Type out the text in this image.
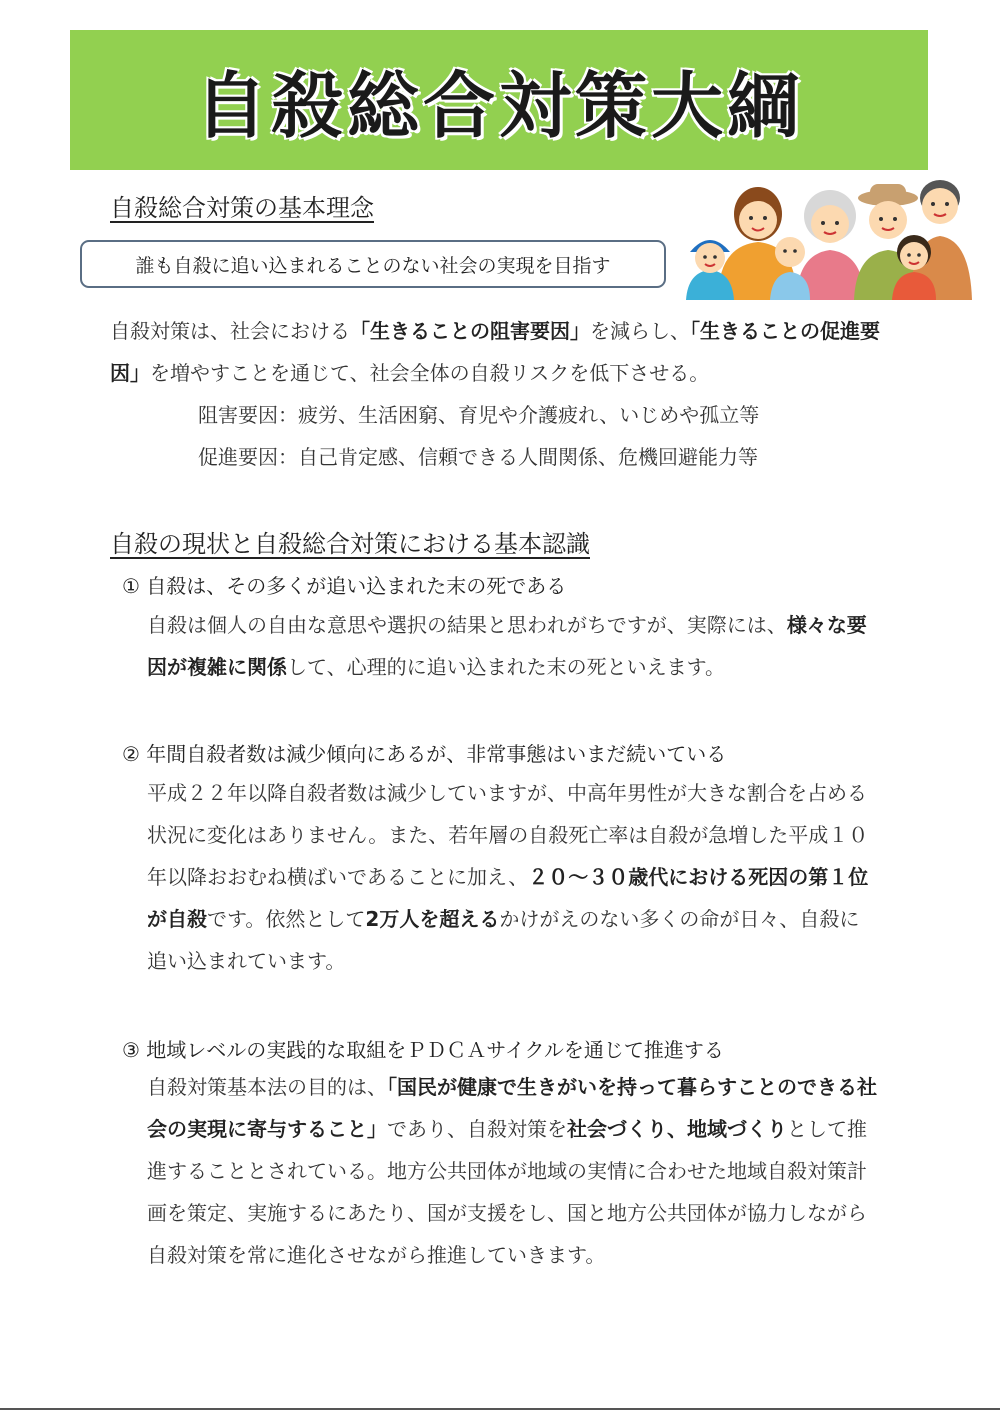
自殺総合対策大綱
自殺総合対策の基本理念
誰も自殺に追い込まれることのない社会の実現を目指す

自殺対策は、社会における「生きることの阻害要因」を減らし、「生きることの促進要因」を増やすことを通じて、社会全体の自殺リスクを低下させる。

阻害要因：疲労、生活困窮、育児や介護疲れ、いじめや孤立等

促進要因：自己肯定感、信頼できる人間関係、危機回避能力等

自殺の現状と自殺総合対策における基本認識
① 自殺は、その多くが追い込まれた末の死である

自殺は個人の自由な意思や選択の結果と思われがちですが、実際には、様々な要因が複雑に関係して、心理的に追い込まれた末の死といえます。

② 年間自殺者数は減少傾向にあるが、非常事態はいまだ続いている

平成２２年以降自殺者数は減少していますが、中高年男性が大きな割合を占める状況に変化はありません。また、若年層の自殺死亡率は自殺が急増した平成１０年以降おおむね横ばいであることに加え、２０～３０歳代における死因の第１位が自殺です。依然として2万人を超えるかけがえのない多くの命が日々、自殺に追い込まれています。

③ 地域レベルの実践的な取組をＰＤＣＡサイクルを通じて推進する

自殺対策基本法の目的は、「国民が健康で生きがいを持って暮らすことのできる社会の実現に寄与すること」であり、自殺対策を社会づくり、地域づくりとして推進することとされている。地方公共団体が地域の実情に合わせた地域自殺対策計画を策定、実施するにあたり、国が支援をし、国と地方公共団体が協力しながら自殺対策を常に進化させながら推進していきます。
